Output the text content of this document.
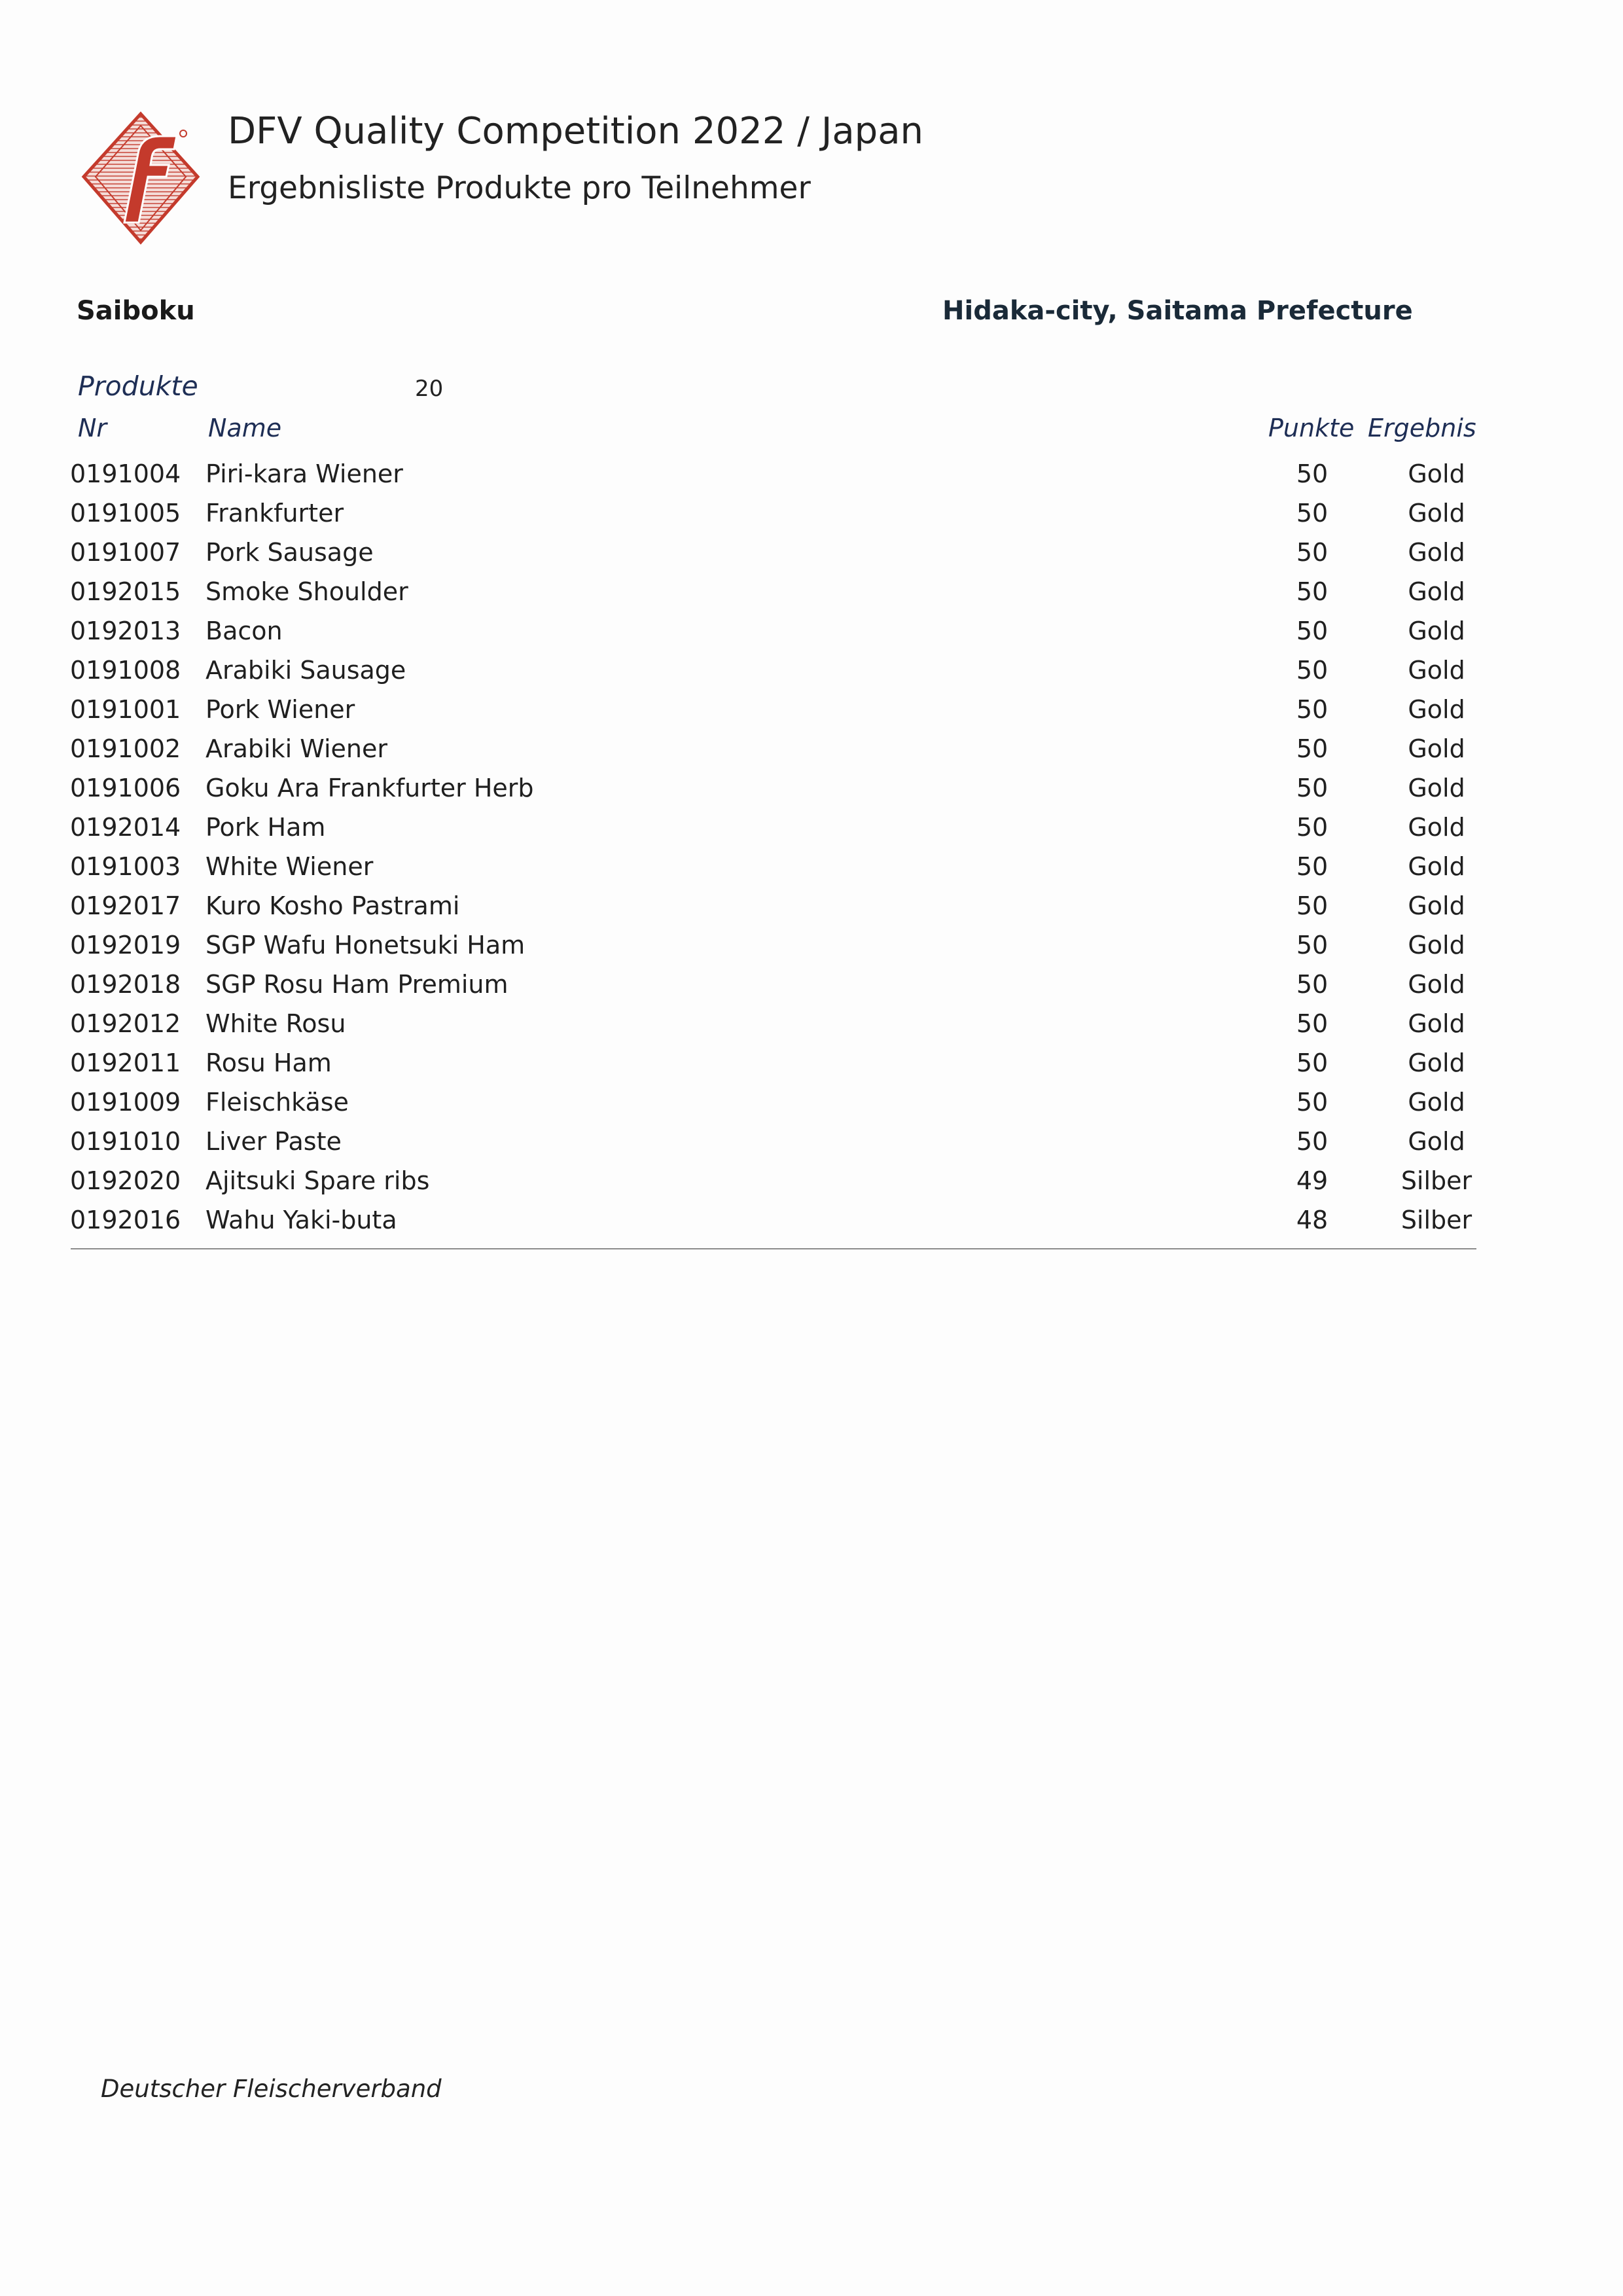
DFV Quality Competition 2022 / Japan
Ergebnisliste Produkte pro Teilnehmer
Saiboku	Hidaka-city, Saitama Prefecture
Produkte	20
Nr	Name	Punkte Ergebnis
0191004 Piri-kara Wiener	50	Gold
0191005 Frankfurter	50	Gold
0191007 Pork Sausage	50	Gold
0192015 Smoke Shoulder	50	Gold
0192013 Bacon	50	Gold
0191008 Arabiki Sausage	50	Gold
0191001 Pork Wiener	50	Gold
0191002 Arabiki Wiener	50	Gold
0191006 Goku Ara Frankfurter Herb	50	Gold
0192014 Pork Ham	50	Gold
0191003 White Wiener	50	Gold
0192017 Kuro Kosho Pastrami	50	Gold
0192019 SGP Wafu Honetsuki Ham	50	Gold
0192018 SGP Rosu Ham Premium	50	Gold
0192012 White Rosu	50	Gold
0192011 Rosu Ham	50	Gold
0191009 Fleischkäse	50	Gold
0191010 Liver Paste	50	Gold
0192020 Ajitsuki Spare ribs	49	Silber
0192016 Wahu Yaki-buta	48	Silber
Deutscher Fleischerverband
